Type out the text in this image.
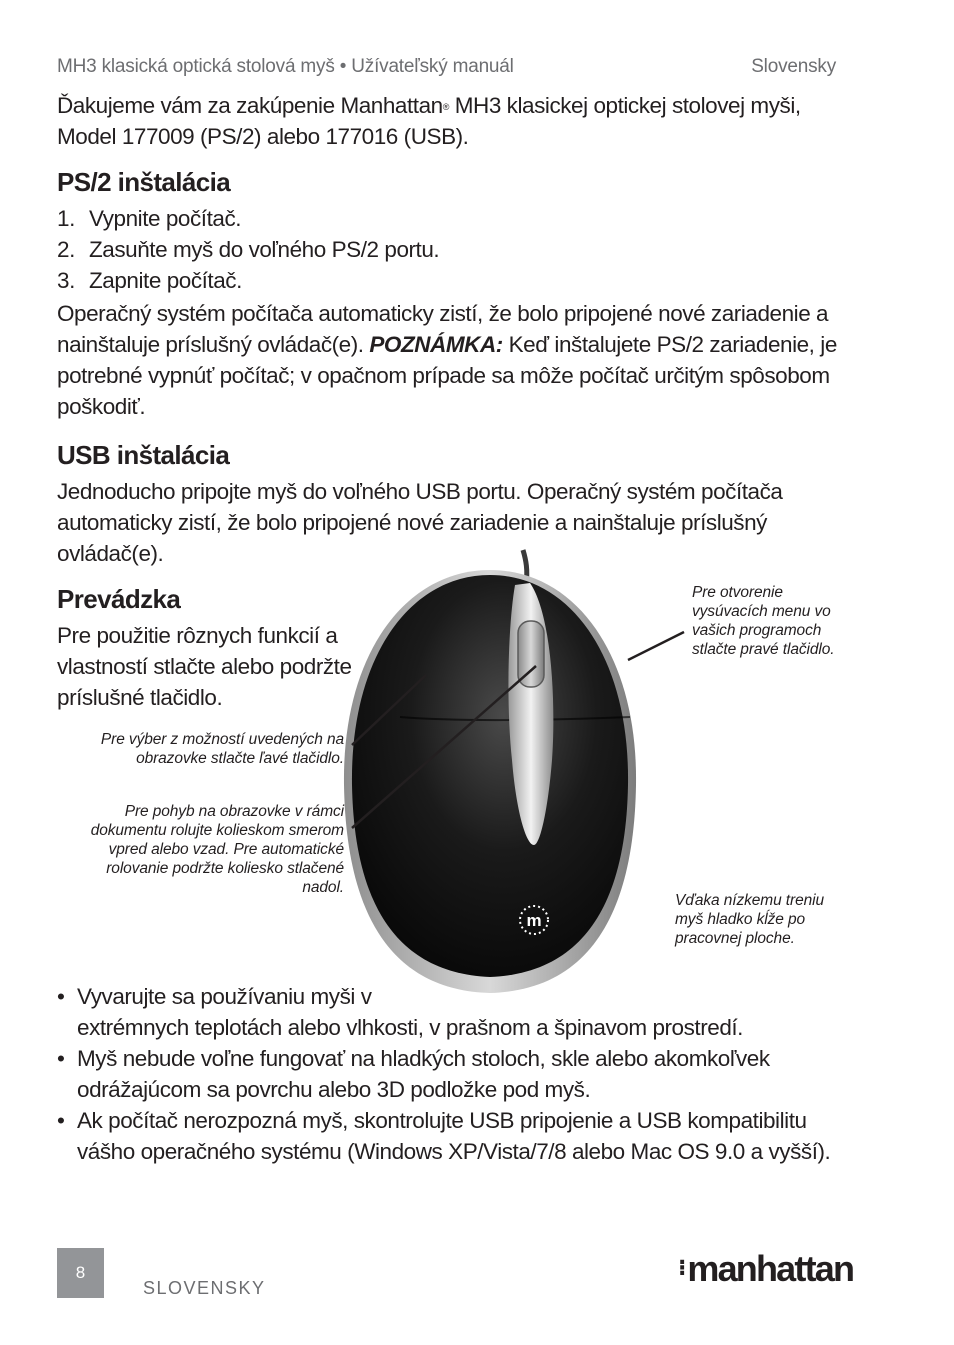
MH3 klasická optická stolová myš • Užívateľský manuál	Slovensky
Ďakujeme vám za zakúpenie Manhattan® MH3 klasickej optickej stolovej myši, Model 177009 (PS/2) alebo 177016 (USB).
PS/2 inštalácia
1. Vypnite počítač.
2. Zasuňte myš do voľného PS/2 portu.
3. Zapnite počítač.
Operačný systém počítača automaticky zistí, že bolo pripojené nové zariadenie a nainštaluje príslušný ovládač(e). POZNÁMKA: Keď inštalujete PS/2 zariadenie, je potrebné vypnúť počítač; v opačnom prípade sa môže počítač určitým spôsobom poškodiť.
USB inštalácia
Jednoducho pripojte myš do voľného USB portu. Operačný systém počítača automaticky zistí, že bolo pripojené nové zariadenie a nainštaluje príslušný ovládač(e).
Prevádzka
Pre použitie rôznych funkcií a vlastností stlačte alebo podržte príslušné tlačidlo.
m
Pre výber z možností uvedených na obrazovke stlačte ľavé tlačidlo.
Pre pohyb na obrazovke v rámci dokumentu rolujte kolieskom smerom vpred alebo vzad. Pre automatické rolovanie podržte koliesko stlačené nadol.
Pre otvorenie vysúvacích menu vo vašich programoch stlačte pravé tlačidlo.
Vďaka nízkemu treniu myš hladko kĺže po pracovnej ploche.
• Vyvarujte sa používaniu myši v
extrémnych teplotách alebo vlhkosti, v prašnom a špinavom prostredí.
• Myš nebude voľne fungovať na hladkých stoloch, skle alebo akomkoľvek odrážajúcom sa povrchu alebo 3D podložke pod myš.
• Ak počítač nerozpozná myš, skontrolujte USB pripojenie a USB kompatibilitu vášho operačného systému (Windows XP/Vista/7/8 alebo Mac OS 9.0 a vyšší).
8
SLOVENSKY
⁝manhattan
